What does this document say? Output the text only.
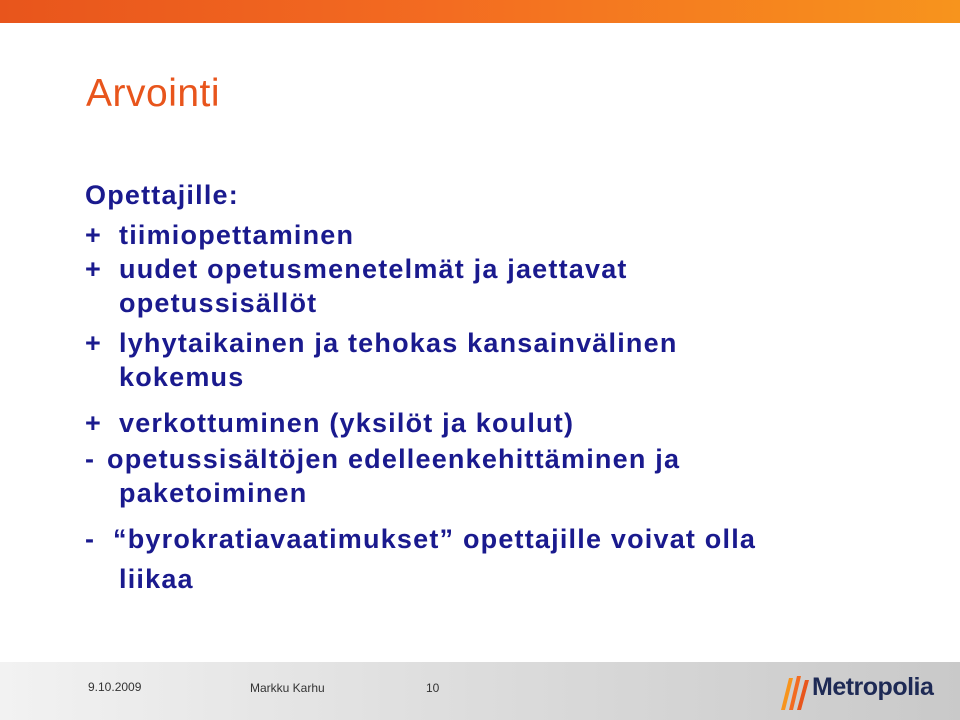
Arvointi
Opettajille:
+ tiimiopettaminen
+ uudet opetusmenetelmät ja jaettavat
opetussisällöt
+ lyhytaikainen ja tehokas kansainvälinen
kokemus
+ verkottuminen (yksilöt ja koulut)
- opetussisältöjen edelleenkehittäminen ja
paketoiminen
- “byrokratiavaatimukset” opettajille voivat olla
liikaa
9.10.2009	Markku Karhu	10	Metropolia
